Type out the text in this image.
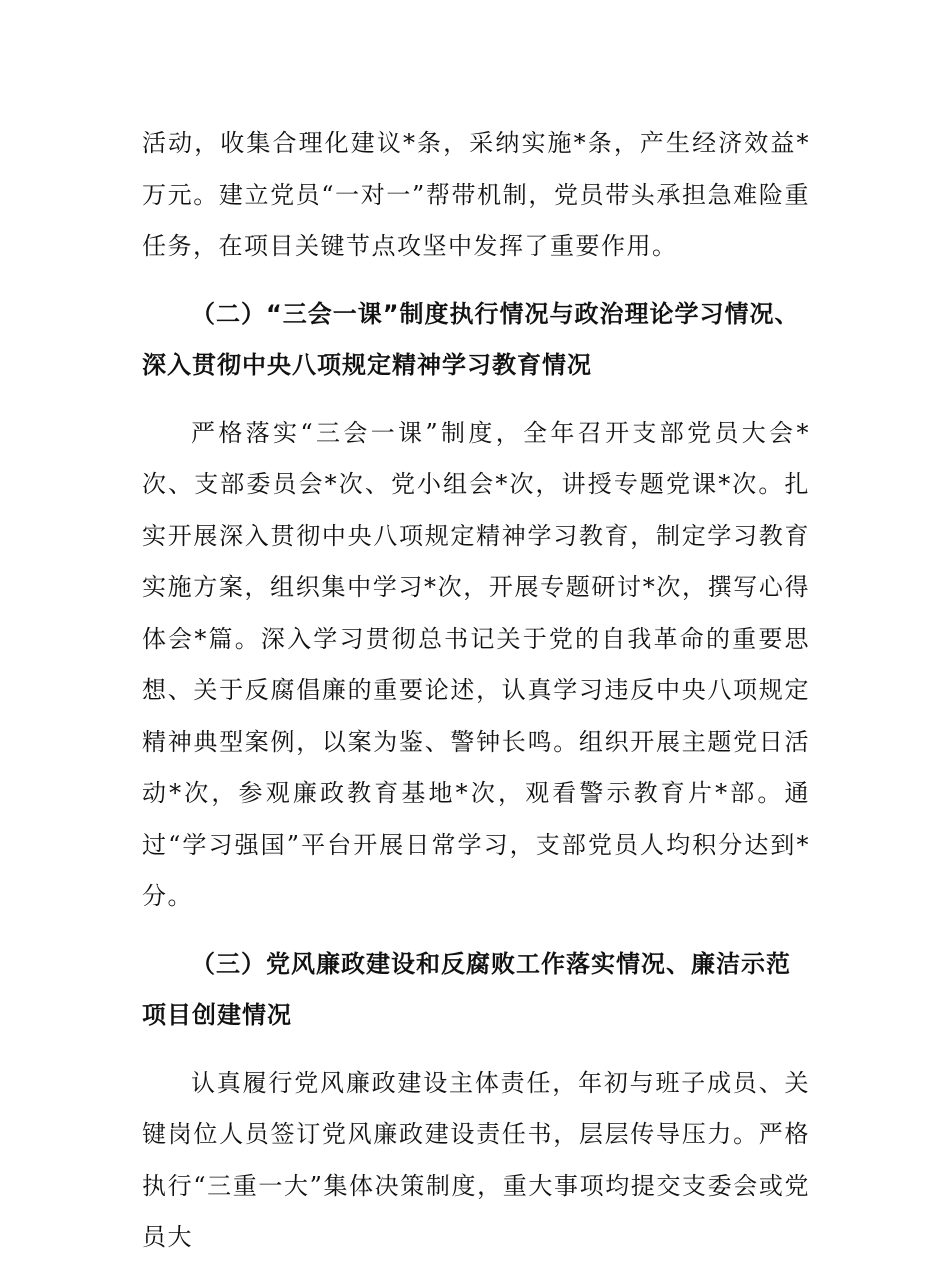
活动，收集合理化建议*条，采纳实施*条，产生经济效益*万元。建立党员“一对一”帮带机制，党员带头承担急难险重任务，在项目关键节点攻坚中发挥了重要作用。

（二）“三会一课”制度执行情况与政治理论学习情况、深入贯彻中央八项规定精神学习教育情况

严格落实“三会一课”制度，全年召开支部党员大会*次、支部委员会*次、党小组会*次，讲授专题党课*次。扎实开展深入贯彻中央八项规定精神学习教育，制定学习教育实施方案，组织集中学习*次，开展专题研讨*次，撰写心得体会*篇。深入学习贯彻总书记关于党的自我革命的重要思想、关于反腐倡廉的重要论述，认真学习违反中央八项规定精神典型案例，以案为鉴、警钟长鸣。组织开展主题党日活动*次，参观廉政教育基地*次，观看警示教育片*部。通过“学习强国”平台开展日常学习，支部党员人均积分达到*分。

（三）党风廉政建设和反腐败工作落实情况、廉洁示范项目创建情况

认真履行党风廉政建设主体责任，年初与班子成员、关键岗位人员签订党风廉政建设责任书，层层传导压力。严格执行“三重一大”集体决策制度，重大事项均提交支委会或党员大
